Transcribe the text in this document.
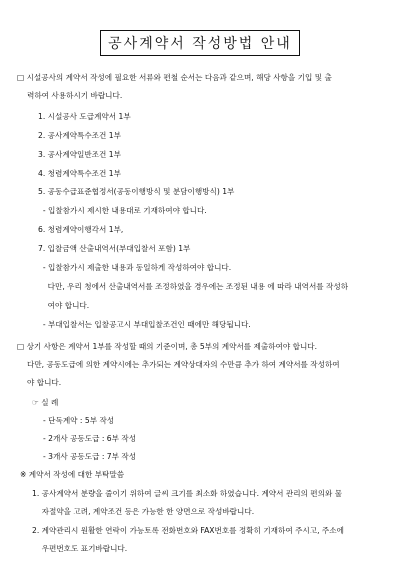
공사계약서 작성방법 안내
□ 시설공사의 계약서 작성에 필요한 서류와 편철 순서는 다음과 같으며, 해당 사항을 기입 및 출
력하여 사용하시기 바랍니다.
1. 시설공사 도급계약서 1부
2. 공사계약특수조건 1부
3. 공사계약일반조건 1부
4. 청렴계약특수조건 1부
5. 공동수급표준협정서(공동이행방식 및 분담이행방식) 1부
- 입찰참가시 제시한 내용대로 기재하여야 합니다.
6. 청렴계약이행각서 1부,
7. 입찰금액 산출내역서(부대입찰서 포함) 1부
- 입찰참가시 제출한 내용과 동일하게 작성하여야 합니다.
다만, 우리 청에서 산출내역서를 조정하였을 경우에는 조정된 내용 에 따라 내역서를 작성하
여야 합니다.
- 부대입찰서는 입찰공고시 부대입찰조건인 때에만 해당됩니다.
□ 상기 사항은 계약서 1부를 작성할 때의 기준이며, 총 5부의 계약서를 제출하여야 합니다.
다만, 공동도급에 의한 계약시에는 추가되는 계약상대자의 수만큼 추가 하여 계약서를 작성하여
야 합니다.
☞ 실 례
- 단독계약 : 5부 작성
- 2개사 공동도급 : 6부 작성
- 3개사 공동도급 : 7부 작성
※ 계약서 작성에 대한 부탁말씀
1. 공사계약서 분량을 줄이기 위하여 글씨 크기를 최소화 하였습니다. 계약서 관리의 편의와 물
자절약을 고려, 계약조건 등은 가능한 한 양면으로 작성바랍니다.
2. 계약관리시 원활한 연락이 가능토록 전화번호와 FAX번호를 정확히 기재하여 주시고, 주소에
우편번호도 표기바랍니다.
